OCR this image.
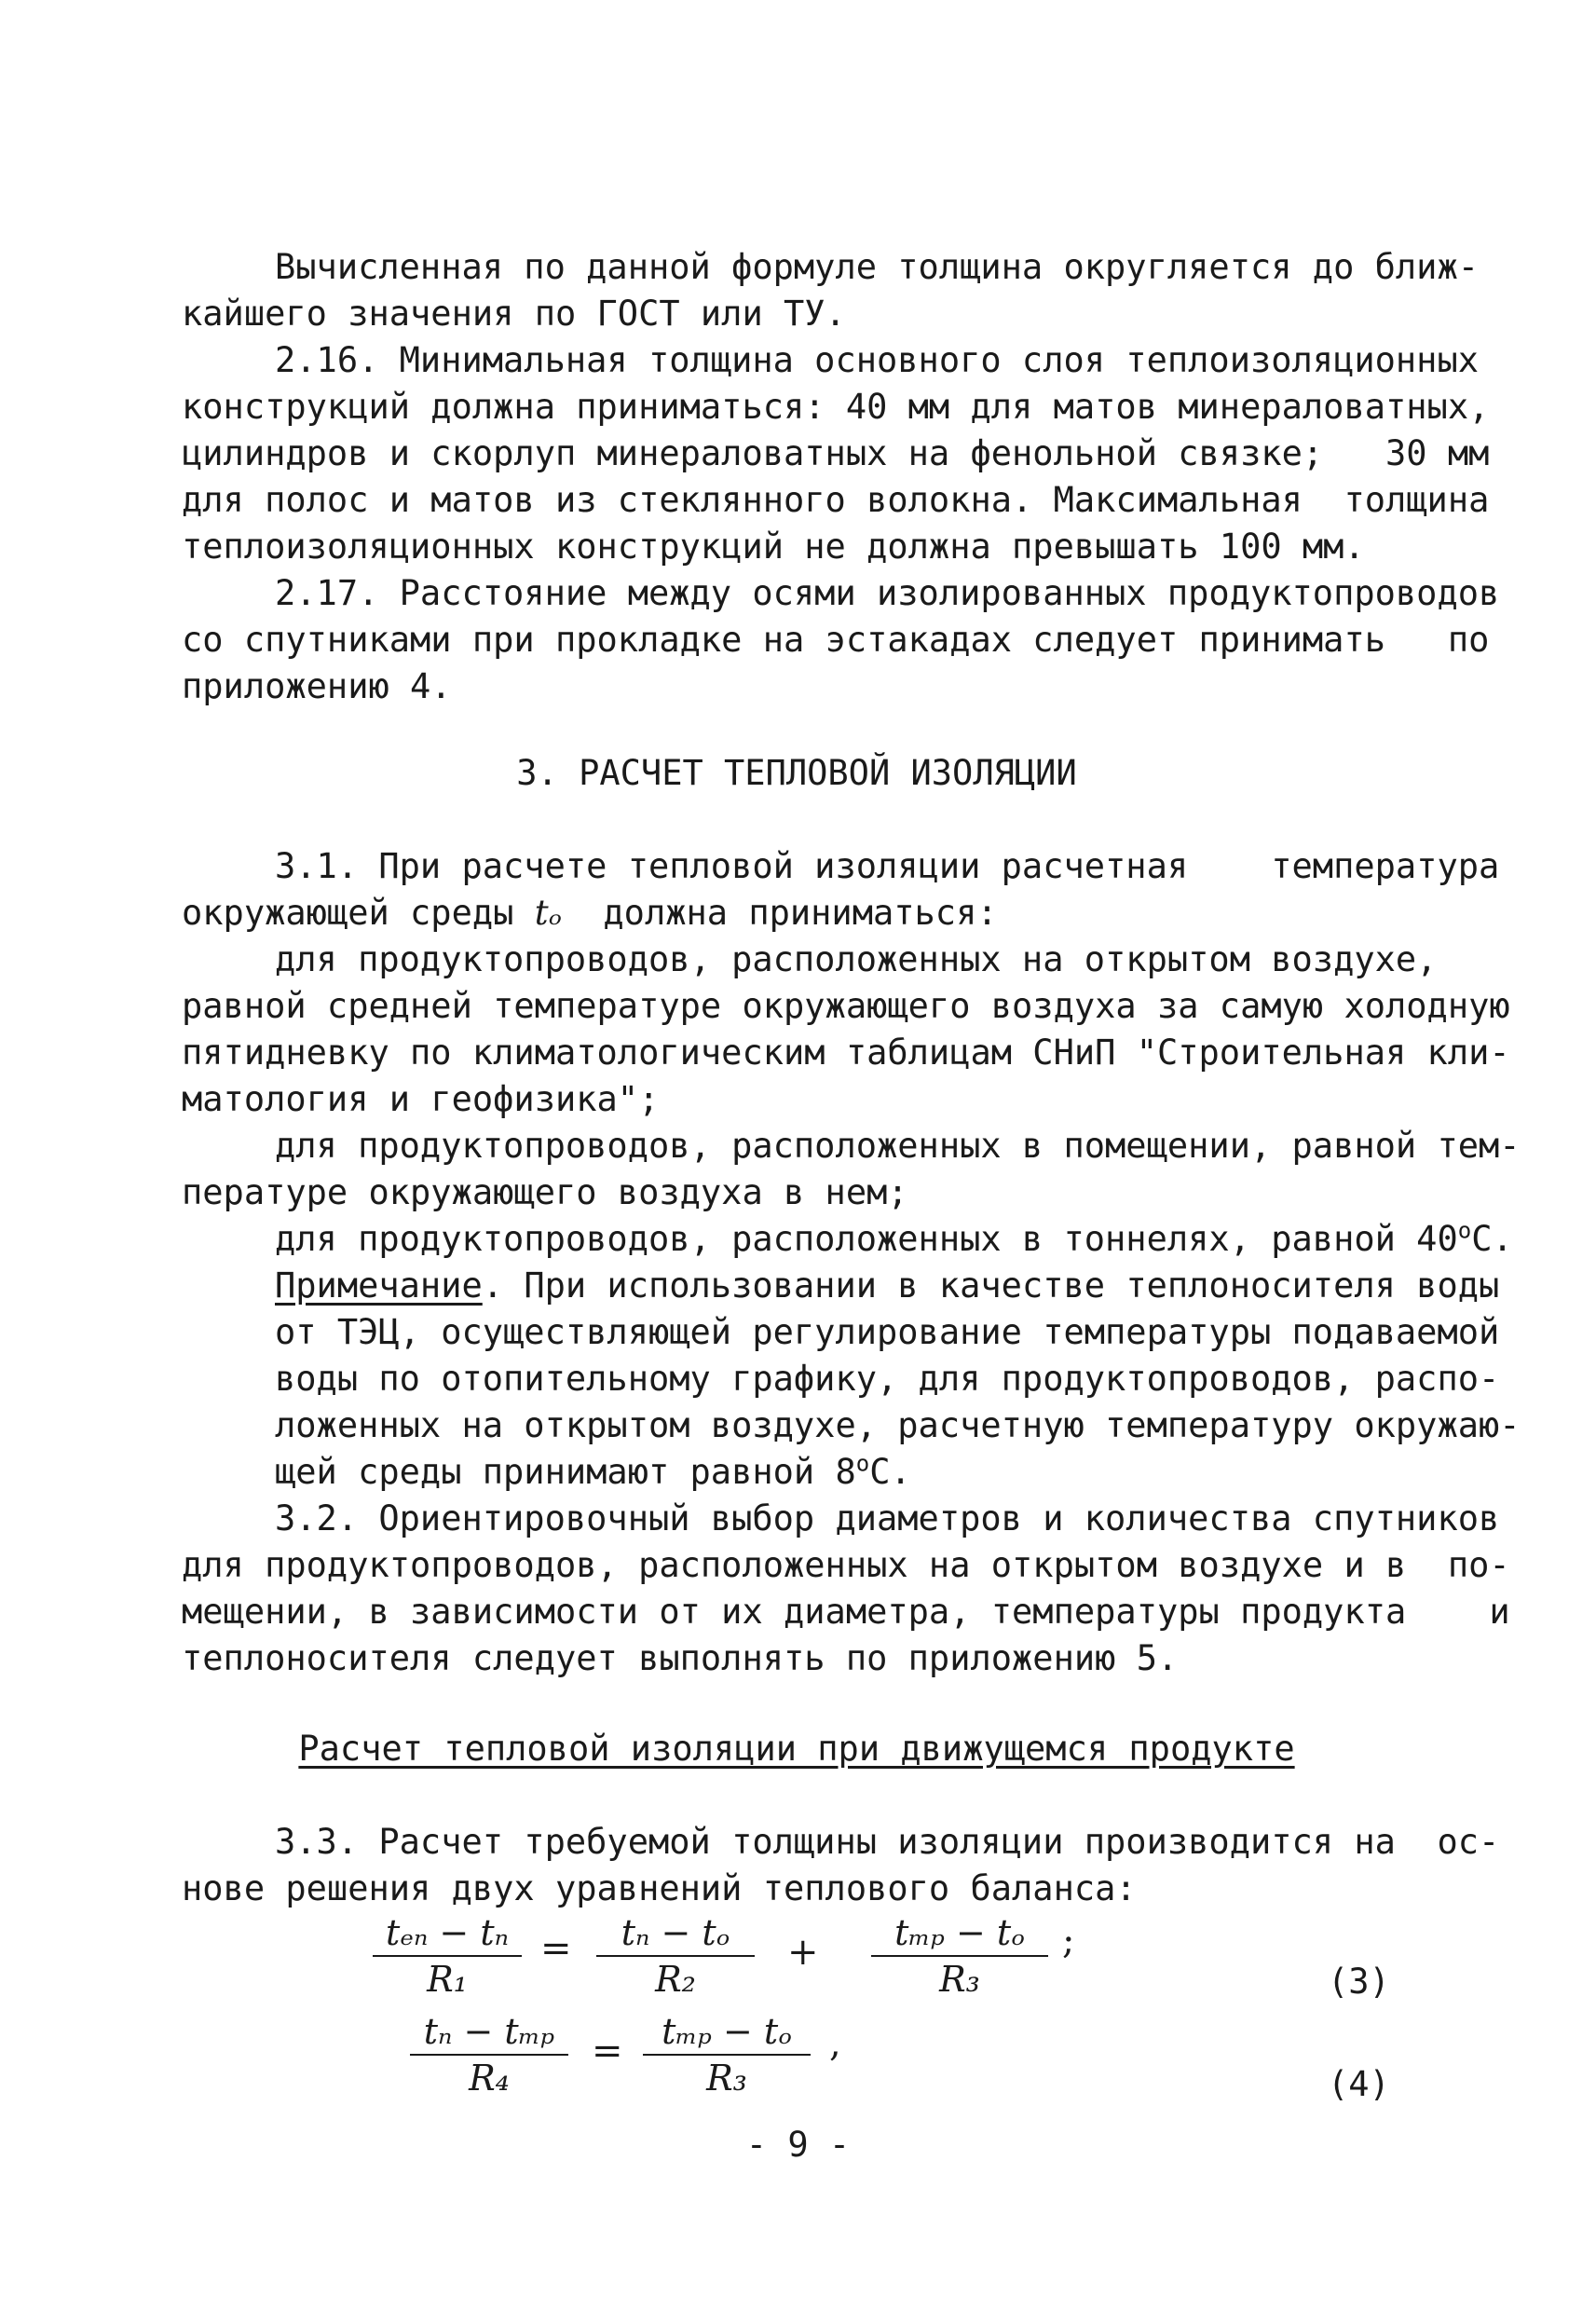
Вычисленная по данной формуле толщина округляется до ближ-
кайшего значения по ГОСТ или ТУ.
2.16. Минимальная толщина основного слоя теплоизоляционных
конструкций должна приниматься: 40 мм для матов минераловатных,
цилиндров и скорлуп минераловатных на фенольной связке;   30 мм
для полос и матов из стеклянного волокна. Максимальная  толщина
теплоизоляционных конструкций не должна превышать 100 мм.
2.17. Расстояние между осями изолированных продуктопроводов
со спутниками при прокладке на эстакадах следует принимать   по
приложению 4.
3. РАСЧЕТ ТЕПЛОВОЙ ИЗОЛЯЦИИ
3.1. При расчете тепловой изоляции расчетная    температура
окружающей среды tₒ должна приниматься:
для продуктопроводов, расположенных на открытом воздухе,
равной средней температуре окружающего воздуха за самую холодную
пятидневку по климатологическим таблицам СНиП "Строительная кли-
матология и геофизика";
для продуктопроводов, расположенных в помещении, равной тем-
пературе окружающего воздуха в нем;
для продуктопроводов, расположенных в тоннелях, равной 40$^o$C.
Примечание. При использовании в качестве теплоносителя воды
от ТЭЦ, осуществляющей регулирование температуры подаваемой
воды по отопительному графику, для продуктопроводов, распо-
ложенных на открытом воздухе, расчетную температуру окружаю-
щей среды принимают равной 8$^o$C.
3.2. Ориентировочный выбор диаметров и количества спутников
для продуктопроводов, расположенных на открытом воздухе и в  по-
мещении, в зависимости от их диаметра, температуры продукта    и
теплоносителя следует выполнять по приложению 5.
Расчет тепловой изоляции при движущемся продукте
3.3. Расчет требуемой толщины изоляции производится на  ос-
нове решения двух уравнений теплового баланса:
tₑₙ − tₙ
R₁
= $\frac{\text{tₙ − tₒ}}{\text{R₂}}$ +	tₘₚ − tₒ
R₃
;
(3)
tₙ − tₘₚ
R₄
=	tₘₚ − tₒ
R₃
,
(4)
- 9 -
